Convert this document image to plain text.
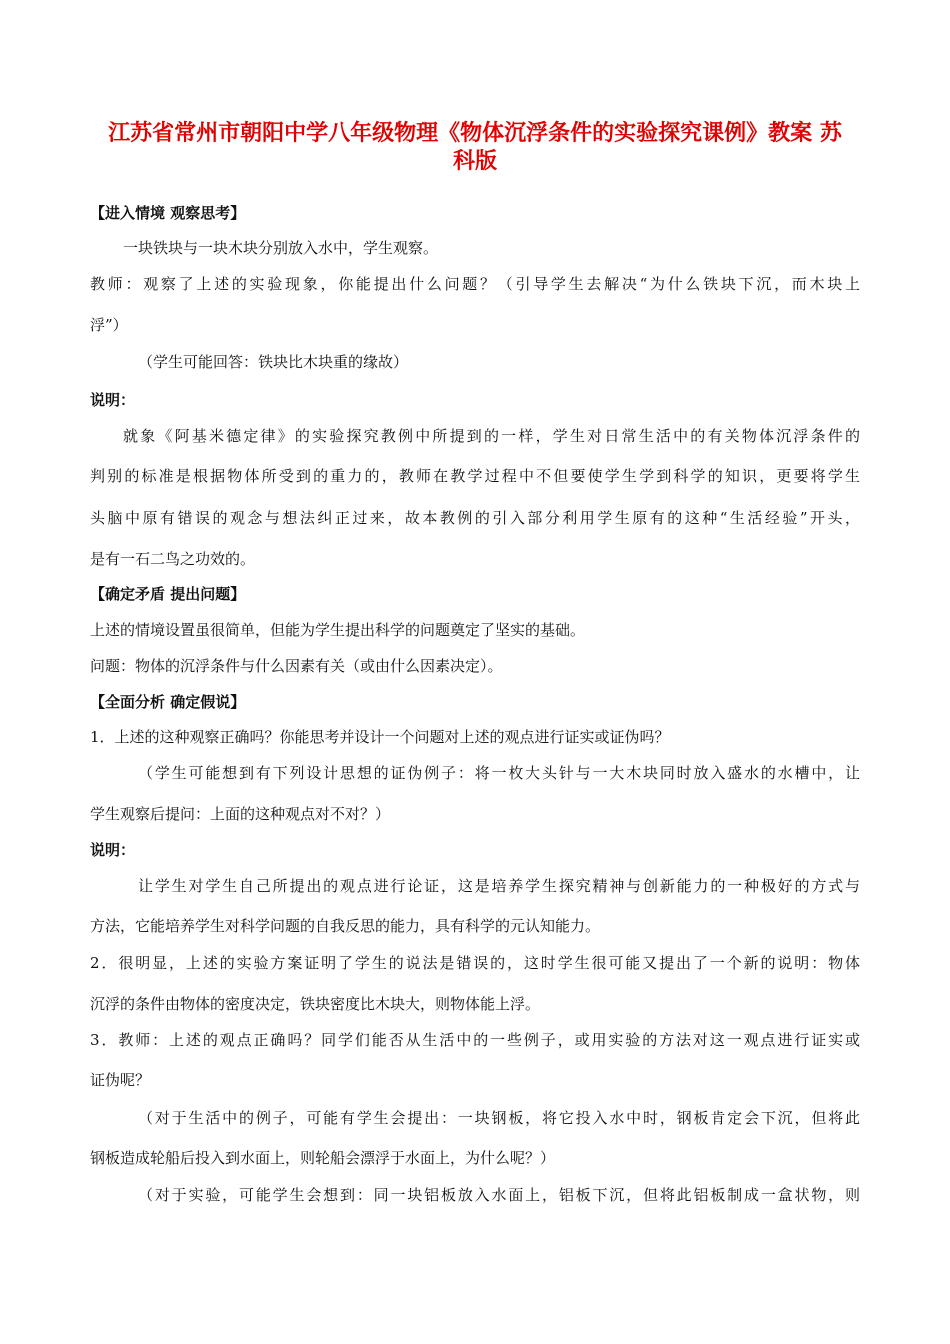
江苏省常州市朝阳中学八年级物理《物体沉浮条件的实验探究课例》教案 苏
科版
【进入情境 观察思考】
一块铁块与一块木块分别放入水中，学生观察。
教师：观察了上述的实验现象，你能提出什么问题？（引导学生去解决“为什么铁块下沉，而木块上
浮”）
（学生可能回答：铁块比木块重的缘故）
说明：
就象《阿基米德定律》的实验探究教例中所提到的一样，学生对日常生活中的有关物体沉浮条件的
判别的标准是根据物体所受到的重力的，教师在教学过程中不但要使学生学到科学的知识，更要将学生
头脑中原有错误的观念与想法纠正过来，故本教例的引入部分利用学生原有的这种“生活经验”开头，
是有一石二鸟之功效的。
【确定矛盾 提出问题】
上述的情境设置虽很简单，但能为学生提出科学的问题奠定了坚实的基础。
问题：物体的沉浮条件与什么因素有关（或由什么因素决定）。
【全面分析 确定假说】
1．上述的这种观察正确吗？你能思考并设计一个问题对上述的观点进行证实或证伪吗？
（学生可能想到有下列设计思想的证伪例子：将一枚大头针与一大木块同时放入盛水的水槽中，让
学生观察后提问：上面的这种观点对不对？）
说明：
让学生对学生自己所提出的观点进行论证，这是培养学生探究精神与创新能力的一种极好的方式与
方法，它能培养学生对科学问题的自我反思的能力，具有科学的元认知能力。
2．很明显，上述的实验方案证明了学生的说法是错误的，这时学生很可能又提出了一个新的说明：物体
沉浮的条件由物体的密度决定，铁块密度比木块大，则物体能上浮。
3．教师：上述的观点正确吗？同学们能否从生活中的一些例子，或用实验的方法对这一观点进行证实或
证伪呢？
（对于生活中的例子，可能有学生会提出：一块钢板，将它投入水中时，钢板肯定会下沉，但将此
钢板造成轮船后投入到水面上，则轮船会漂浮于水面上，为什么呢？）
（对于实验，可能学生会想到：同一块铝板放入水面上，铝板下沉，但将此铝板制成一盒状物，则
